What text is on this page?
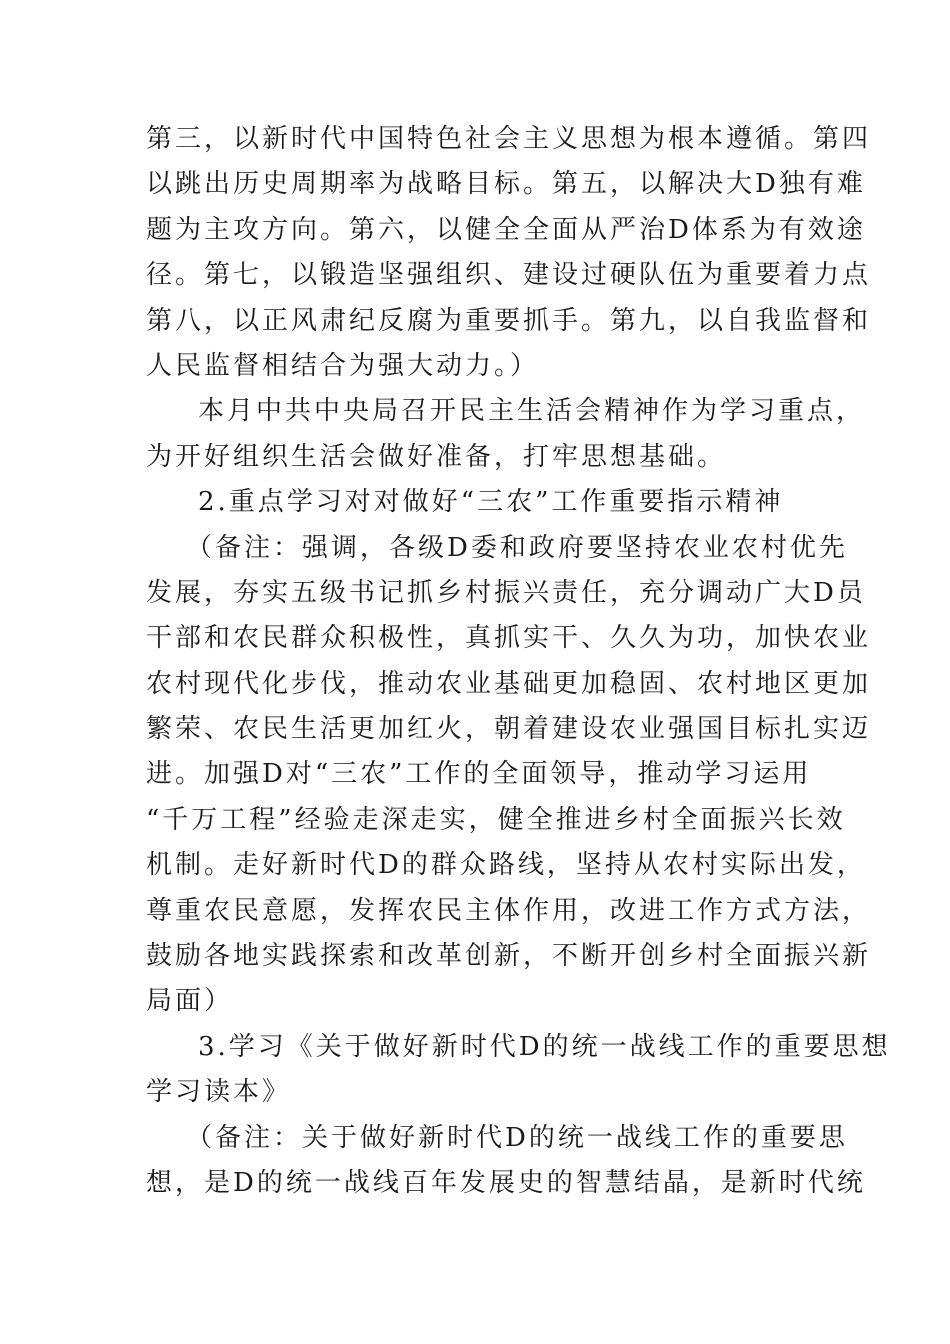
第三，以新时代中国特色社会主义思想为根本遵循。第四
以跳出历史周期率为战略目标。第五，以解决大D独有难
题为主攻方向。第六，以健全全面从严治D体系为有效途
径。第七，以锻造坚强组织、建设过硬队伍为重要着力点
第八，以正风肃纪反腐为重要抓手。第九，以自我监督和
人民监督相结合为强大动力。）
本月中共中央局召开民主生活会精神作为学习重点，
为开好组织生活会做好准备，打牢思想基础。
2.重点学习对对做好“三农”工作重要指示精神
（备注：强调，各级D委和政府要坚持农业农村优先
发展，夯实五级书记抓乡村振兴责任，充分调动广大D员
干部和农民群众积极性，真抓实干、久久为功，加快农业
农村现代化步伐，推动农业基础更加稳固、农村地区更加
繁荣、农民生活更加红火，朝着建设农业强国目标扎实迈
进。加强D对“三农”工作的全面领导，推动学习运用
“千万工程”经验走深走实，健全推进乡村全面振兴长效
机制。走好新时代D的群众路线，坚持从农村实际出发，
尊重农民意愿，发挥农民主体作用，改进工作方式方法，
鼓励各地实践探索和改革创新，不断开创乡村全面振兴新
局面）
3.学习《关于做好新时代D的统一战线工作的重要思想
学习读本》
（备注：关于做好新时代D的统一战线工作的重要思
想，是D的统一战线百年发展史的智慧结晶，是新时代统
